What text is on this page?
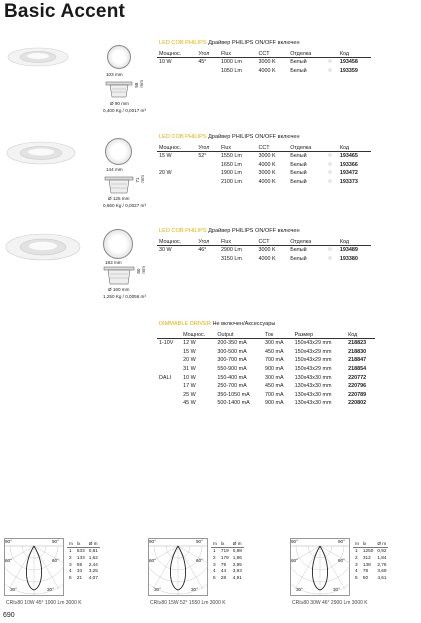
Basic Accent
103 mm
58 mm
Ø 90 mm
0,400 Kg / 0,0017 m³
LED COB PHILIPS Драйвер PHILIPS ON/OFF включен
Мощнос.	Угол	Flux	CCT	Отделка		Код
10 W	45°	1000 Lm	3000 K	Белый		193458
		1050 Lm	4000 K	Белый		193359
144 mm
71 mm
Ø 125 mm
0,660 Kg / 0,0027 m³
LED COB PHILIPS Драйвер PHILIPS ON/OFF включен
Мощнос.	Угол	Flux	CCT	Отделка		Код
15 W	52°	1550 Lm	3000 K	Белый		193465
		1650 Lm	4000 K	Белый		193366
20 W		1900 Lm	3000 K	Белый		193472
		2100 Lm	4000 K	Белый		193373
183 mm
80 mm
Ø 160 mm
1,250 Kg / 0,0056 m³
LED COB PHILIPS Драйвер PHILIPS ON/OFF включен
Мощнос.	Угол	Flux	CCT	Отделка		Код
30 W	46°	2900 Lm	3000 K	Белый		193489
		3150 Lm	4000 K	Белый		193380
DIMMABLE DRIVER Не включен/Аксессуары
	Мощнос.	Output	Ток	Размер	Код
1-10V	12 W	200-350 mA	300 mA	150x43x29 mm	218823
	15 W	300-500 mA	450 mA	150x43x29 mm	218830
	20 W	300-700 mA	700 mA	150x43x29 mm	218847
	31 W	550-900 mA	900 mA	150x43x29 mm	218854
DALI	10 W	150-400 mA	300 mA	130x43x30 mm	220772
	17 W	250-700 mA	450 mA	130x43x30 mm	220796
	25 W	350-1050 mA	700 mA	130x43x30 mm	220789
	45 W	500-1400 mA	900 mA	130x43x30 mm	220802
90°	90°
60°	60°
30°	30°
m	lx	Ø m
1	533	0,81
2	133	1,62
3	59	2,44
4	33	3,25
5	21	4,07
CRI≥80 10W 45° 1000 Lm 3000 K
90°	90°
60°	60°
30°	30°
m	lx	Ø m
1	719	0,98
2	179	1,96
3	79	2,95
4	44	3,93
5	28	4,91
CRI≥80 15W 52° 1550 Lm 3000 K
90°	90°
60°	60°
30°	30°
m	lx	Ø m
1	1250	0,92
2	312	1,84
3	138	2,76
4	78	3,69
5	50	4,61
CRI≥80 30W 46° 2900 Lm 3000 K
690
